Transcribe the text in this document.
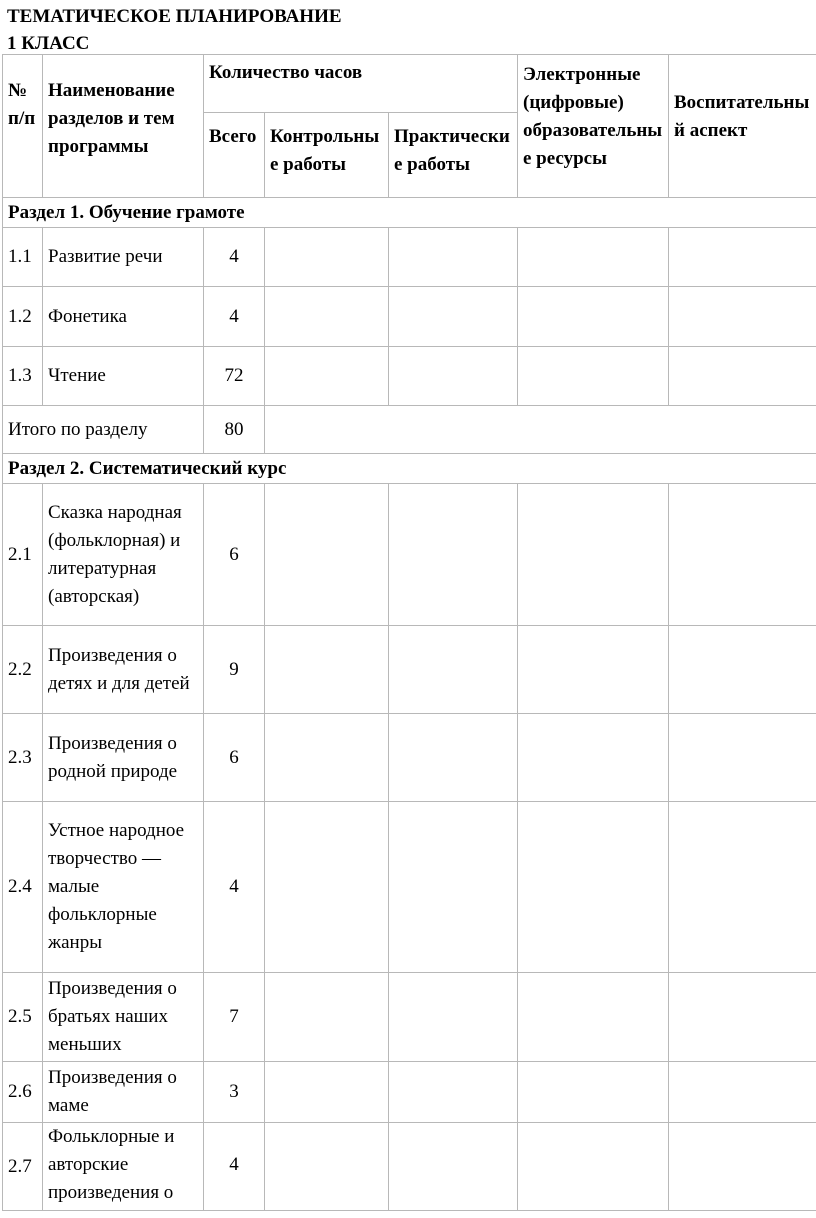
ТЕМАТИЧЕСКОЕ ПЛАНИРОВАНИЕ
1 КЛАСС
№ п/п	Наименование разделов и тем программы	Количество часов			Электронные (цифровые) образовательные ресурсы	Воспитательный аспект
		Всего	Контрольные работы	Практические работы		
Раздел 1. Обучение грамоте						
1.1	Развитие речи	4				
1.2	Фонетика	4				
1.3	Чтение	72				
Итого по разделу		80				
Раздел 2. Систематический курс						
2.1	Сказка народная (фольклорная) и литературная (авторская)	6				
2.2	Произведения о детях и для детей	9				
2.3	Произведения о родной природе	6				
2.4	Устное народное творчество — малые фольклорные жанры	4				
2.5	Произведения о братьях наших меньших	7				
2.6	Произведения о маме	3				
2.7	Фольклорные и авторские произведения о	4				
